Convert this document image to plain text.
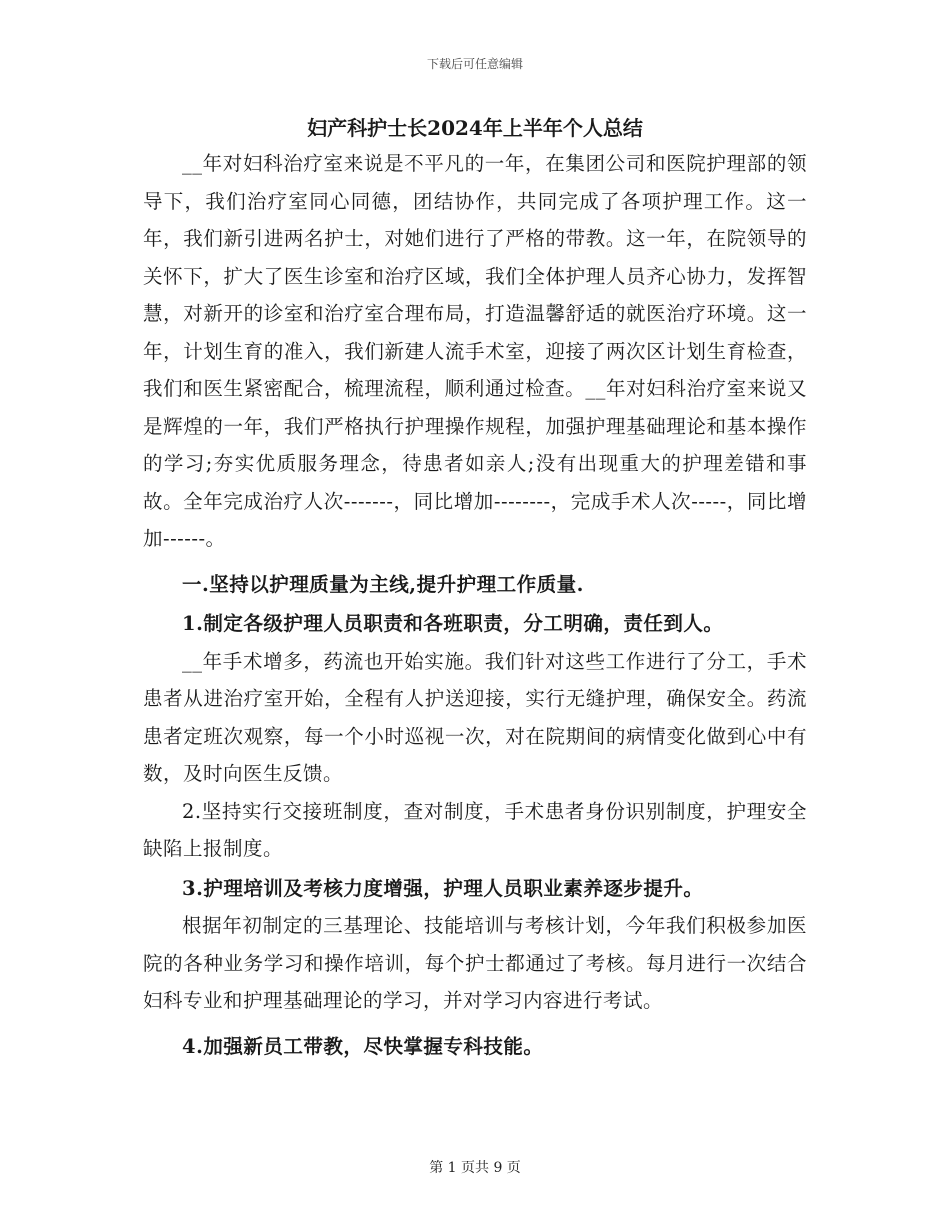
下载后可任意编辑
妇产科护士长2024年上半年个人总结

__年对妇科治疗室来说是不平凡的一年，在集团公司和医院护理部的领导下，我们治疗室同心同德，团结协作，共同完成了各项护理工作。这一年，我们新引进两名护士，对她们进行了严格的带教。这一年，在院领导的关怀下，扩大了医生诊室和治疗区域，我们全体护理人员齐心协力，发挥智慧，对新开的诊室和治疗室合理布局，打造温馨舒适的就医治疗环境。这一年，计划生育的准入，我们新建人流手术室，迎接了两次区计划生育检查，我们和医生紧密配合，梳理流程，顺利通过检查。__年对妇科治疗室来说又是辉煌的一年，我们严格执行护理操作规程，加强护理基础理论和基本操作的学习;夯实优质服务理念，待患者如亲人;没有出现重大的护理差错和事故。全年完成治疗人次-------，同比增加--------，完成手术人次-----，同比增加------。

一.坚持以护理质量为主线,提升护理工作质量.

1.制定各级护理人员职责和各班职责，分工明确，责任到人。

__年手术增多，药流也开始实施。我们针对这些工作进行了分工，手术患者从进治疗室开始，全程有人护送迎接，实行无缝护理，确保安全。药流患者定班次观察，每一个小时巡视一次，对在院期间的病情变化做到心中有数，及时向医生反馈。

2.坚持实行交接班制度，查对制度，手术患者身份识别制度，护理安全缺陷上报制度。

3.护理培训及考核力度增强，护理人员职业素养逐步提升。

根据年初制定的三基理论、技能培训与考核计划，今年我们积极参加医院的各种业务学习和操作培训，每个护士都通过了考核。每月进行一次结合妇科专业和护理基础理论的学习，并对学习内容进行考试。

4.加强新员工带教，尽快掌握专科技能。

第 1 页共 9 页
